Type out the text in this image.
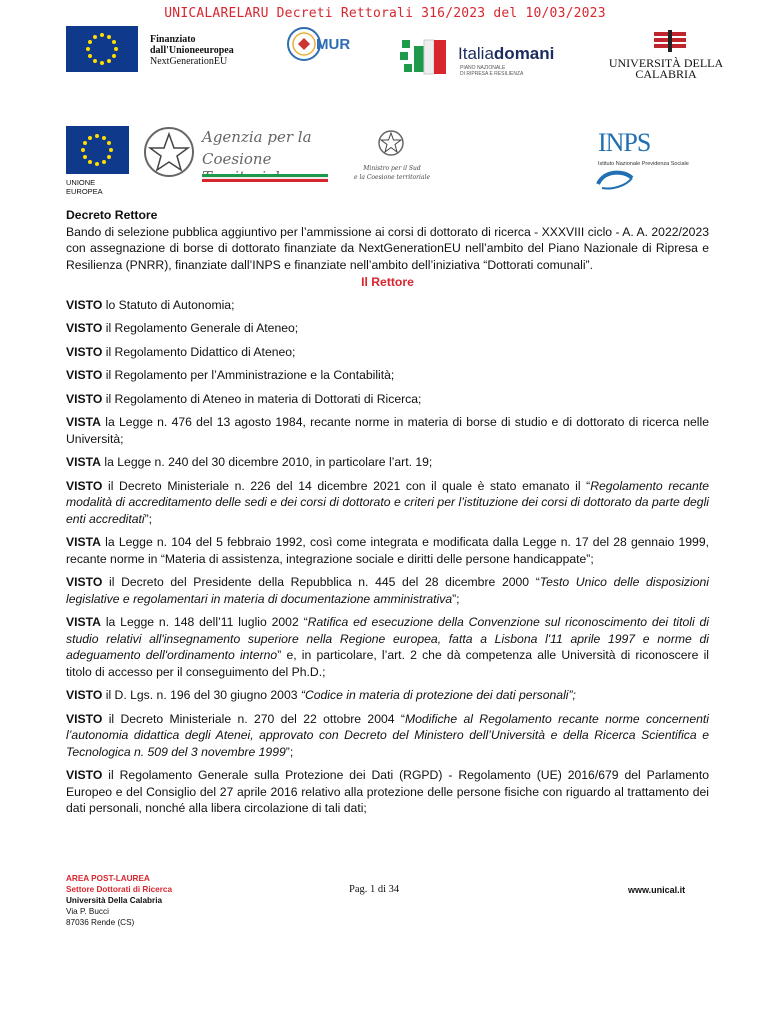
UNICALARELARU Decreti Rettorali 316/2023 del 10/03/2023
Finanziato
dall'Unioneeuropea
NextGenerationEU
MUR	Italiadomani
PIANO NAZIONALE
DI RIPRESA E RESILIENZA
UNIVERSITÀ DELLA
CALABRIA
UNIONE EUROPEA
Agenzia per la
Coesione
Ministro per il Sud
e la Coesione territoriale
INPS
Istituto Nazionale Previdenza Sociale
Decreto Rettore
Bando di selezione pubblica aggiuntivo per l’ammissione ai corsi di dottorato di ricerca - XXXVIII ciclo - A. A. 2022/2023 con assegnazione di borse di dottorato finanziate da NextGenerationEU nell’ambito del Piano Nazionale di Ripresa e Resilienza (PNRR), finanziate dall’INPS e finanziate nell’ambito dell’iniziativa “Dottorati comunali”.
Il Rettore
VISTO lo Statuto di Autonomia;
VISTO il Regolamento Generale di Ateneo;
VISTO il Regolamento Didattico di Ateneo;
VISTO il Regolamento per l’Amministrazione e la Contabilità;
VISTO il Regolamento di Ateneo in materia di Dottorati di Ricerca;
VISTA la Legge n. 476 del 13 agosto 1984, recante norme in materia di borse di studio e di dottorato di ricerca nelle Università;
VISTA la Legge n. 240 del 30 dicembre 2010, in particolare l’art. 19;
VISTO il Decreto Ministeriale n. 226 del 14 dicembre 2021 con il quale è stato emanato il “Regolamento recante modalità di accreditamento delle sedi e dei corsi di dottorato e criteri per l’istituzione dei corsi di dottorato da parte degli enti accreditati”;
VISTA la Legge n. 104 del 5 febbraio 1992, così come integrata e modificata dalla Legge n. 17 del 28 gennaio 1999, recante norme in “Materia di assistenza, integrazione sociale e diritti delle persone handicappate”;
VISTO il Decreto del Presidente della Repubblica n. 445 del 28 dicembre 2000 “Testo Unico delle disposizioni legislative e regolamentari in materia di documentazione amministrativa”;
VISTA la Legge n. 148 dell’11 luglio 2002 “Ratifica ed esecuzione della Convenzione sul riconoscimento dei titoli di studio relativi all'insegnamento superiore nella Regione europea, fatta a Lisbona l'11 aprile 1997 e norme di adeguamento dell'ordinamento interno” e, in particolare, l’art. 2 che dà competenza alle Università di riconoscere il titolo di accesso per il conseguimento del Ph.D.;
VISTO il D. Lgs. n. 196 del 30 giugno 2003 “Codice in materia di protezione dei dati personali”;
VISTO il Decreto Ministeriale n. 270 del 22 ottobre 2004 “Modifiche al Regolamento recante norme concernenti l’autonomia didattica degli Atenei, approvato con Decreto del Ministero dell’Università e della Ricerca Scientifica e Tecnologica n. 509 del 3 novembre 1999”;
VISTO il Regolamento Generale sulla Protezione dei Dati (RGPD) - Regolamento (UE) 2016/679 del Parlamento Europeo e del Consiglio del 27 aprile 2016 relativo alla protezione delle persone fisiche con riguardo al trattamento dei dati personali, nonché alla libera circolazione di tali dati;
AREA POST-LAUREA
Settore Dottorati di Ricerca
Università Della Calabria
Via P. Bucci
87036 Rende (CS)
Pag. 1 di 34	www.unical.it
